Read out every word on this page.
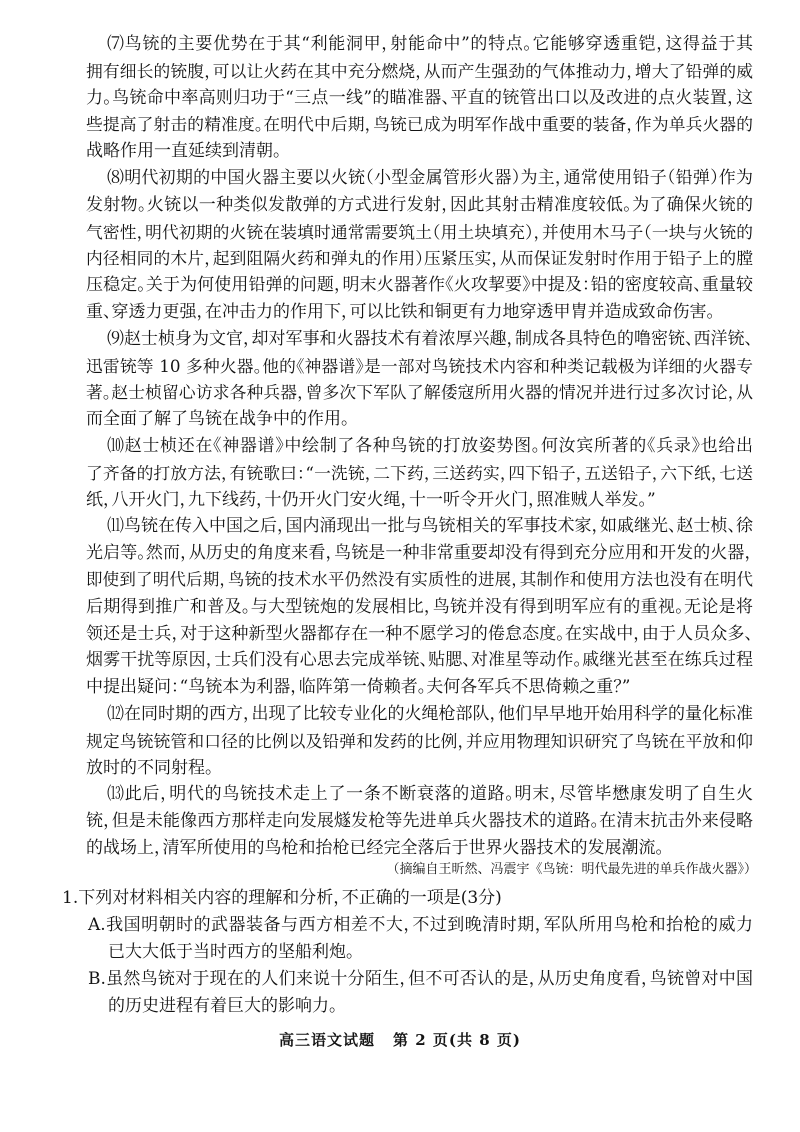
⑺鸟铳的主要优势在于其“利能洞甲，射能命中”的特点。它能够穿透重铠，这得益于其
拥有细长的铳腹，可以让火药在其中充分燃烧，从而产生强劲的气体推动力，增大了铅弹的威
力。鸟铳命中率高则归功于“三点一线”的瞄准器、平直的铳管出口以及改进的点火装置，这
些提高了射击的精准度。在明代中后期，鸟铳已成为明军作战中重要的装备，作为单兵火器的
战略作用一直延续到清朝。
⑻明代初期的中国火器主要以火铳（小型金属管形火器）为主，通常使用铅子（铅弹）作为
发射物。火铳以一种类似发散弹的方式进行发射，因此其射击精准度较低。为了确保火铳的
气密性，明代初期的火铳在装填时通常需要筑土（用土块填充），并使用木马子（一块与火铳的
内径相同的木片，起到阻隔火药和弹丸的作用）压紧压实，从而保证发射时作用于铅子上的膛
压稳定。关于为何使用铅弹的问题，明末火器著作《火攻挈要》中提及：铅的密度较高、重量较
重、穿透力更强，在冲击力的作用下，可以比铁和铜更有力地穿透甲胄并造成致命伤害。
⑼赵士桢身为文官，却对军事和火器技术有着浓厚兴趣，制成各具特色的噜密铳、西洋铳、
迅雷铳等 10 多种火器。他的《神器谱》是一部对鸟铳技术内容和种类记载极为详细的火器专
著。赵士桢留心访求各种兵器，曾多次下军队了解倭寇所用火器的情况并进行过多次讨论，从
而全面了解了鸟铳在战争中的作用。
⑽赵士桢还在《神器谱》中绘制了各种鸟铳的打放姿势图。何汝宾所著的《兵录》也给出
了齐备的打放方法，有铳歌曰：“一洗铳，二下药，三送药实，四下铅子，五送铅子，六下纸，七送
纸，八开火门，九下线药，十仍开火门安火绳，十一听令开火门，照准贼人举发。”
⑾鸟铳在传入中国之后，国内涌现出一批与鸟铳相关的军事技术家，如戚继光、赵士桢、徐
光启等。然而，从历史的角度来看，鸟铳是一种非常重要却没有得到充分应用和开发的火器，
即使到了明代后期，鸟铳的技术水平仍然没有实质性的进展，其制作和使用方法也没有在明代
后期得到推广和普及。与大型铳炮的发展相比，鸟铳并没有得到明军应有的重视。无论是将
领还是士兵，对于这种新型火器都存在一种不愿学习的倦怠态度。在实战中，由于人员众多、
烟雾干扰等原因，士兵们没有心思去完成举铳、贴腮、对准星等动作。戚继光甚至在练兵过程
中提出疑问：“鸟铳本为利器，临阵第一倚赖者。夫何各军兵不思倚赖之重？”
⑿在同时期的西方，出现了比较专业化的火绳枪部队，他们早早地开始用科学的量化标准
规定鸟铳铳管和口径的比例以及铅弹和发药的比例，并应用物理知识研究了鸟铳在平放和仰
放时的不同射程。
⒀此后，明代的鸟铳技术走上了一条不断衰落的道路。明末，尽管毕懋康发明了自生火
铳，但是未能像西方那样走向发展燧发枪等先进单兵火器技术的道路。在清末抗击外来侵略
的战场上，清军所使用的鸟枪和抬枪已经完全落后于世界火器技术的发展潮流。
（摘编自王昕然、冯震宇《鸟铳：明代最先进的单兵作战火器》）
1.下列对材料相关内容的理解和分析，不正确的一项是(3分)
A.我国明朝时的武器装备与西方相差不大，不过到晚清时期，军队所用鸟枪和抬枪的威力
已大大低于当时西方的坚船利炮。
B.虽然鸟铳对于现在的人们来说十分陌生，但不可否认的是，从历史角度看，鸟铳曾对中国
的历史进程有着巨大的影响力。
高三语文试题 第 2 页(共 8 页)
